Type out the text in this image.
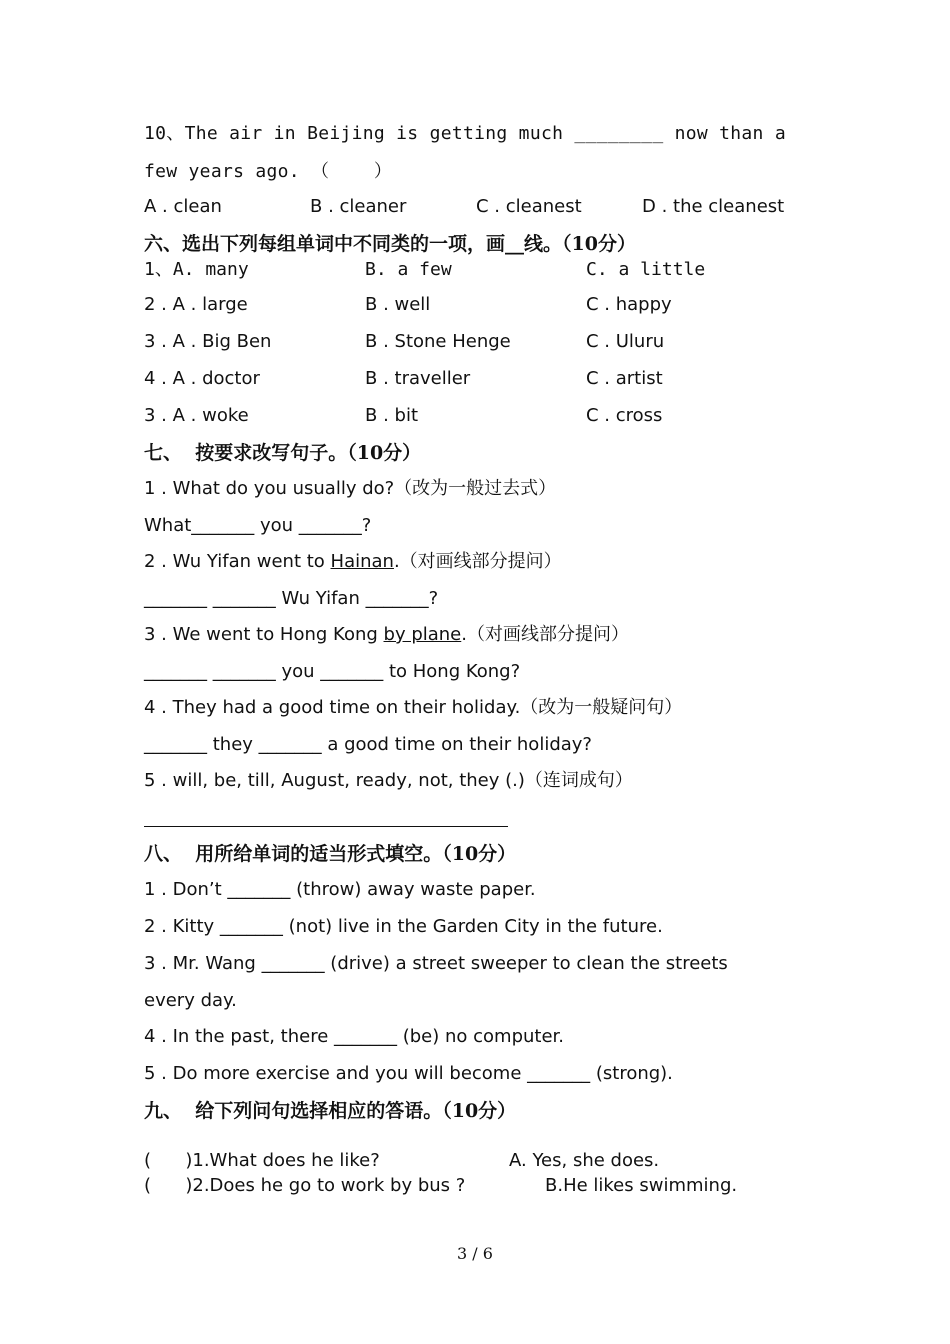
10、The air in Beijing is getting much ________ now than a
few years ago. （    ）
A . clean	B . cleaner	C . cleanest	D . the cleanest
六、选出下列每组单词中不同类的一项，画__线。（10分）
1、A. many	B. a few	C. a little
2 . A . large	B . well	C . happy
3 . A . Big Ben	B . Stone Henge	C . Uluru
4 . A . doctor	B . traveller	C . artist
3 . A . woke	B . bit	C . cross
七、  按要求改写句子。（10分）
1 . What do you usually do?（改为一般过去式）
What_______ you _______?
2 . Wu Yifan went to Hainan.（对画线部分提问）
_______ _______ Wu Yifan _______?
3 . We went to Hong Kong by plane.（对画线部分提问）
_______ _______ you _______ to Hong Kong?
4 . They had a good time on their holiday.（改为一般疑问句）
_______ they _______ a good time on their holiday?
5 . will, be, till, August, ready, not, they (.)（连词成句）
八、  用所给单词的适当形式填空。（10分）
1 . Don’t _______ (throw) away waste paper.
2 . Kitty _______ (not) live in the Garden City in the future.
3 . Mr. Wang _______ (drive) a street sweeper to clean the streets
every day.
4 . In the past, there _______ (be) no computer.
5 . Do more exercise and you will become _______ (strong).
九、  给下列问句选择相应的答语。（10分）
(      )1.What does he like?	A. Yes, she does.
(      )2.Does he go to work by bus ?	B.He likes swimming.
3 / 6
